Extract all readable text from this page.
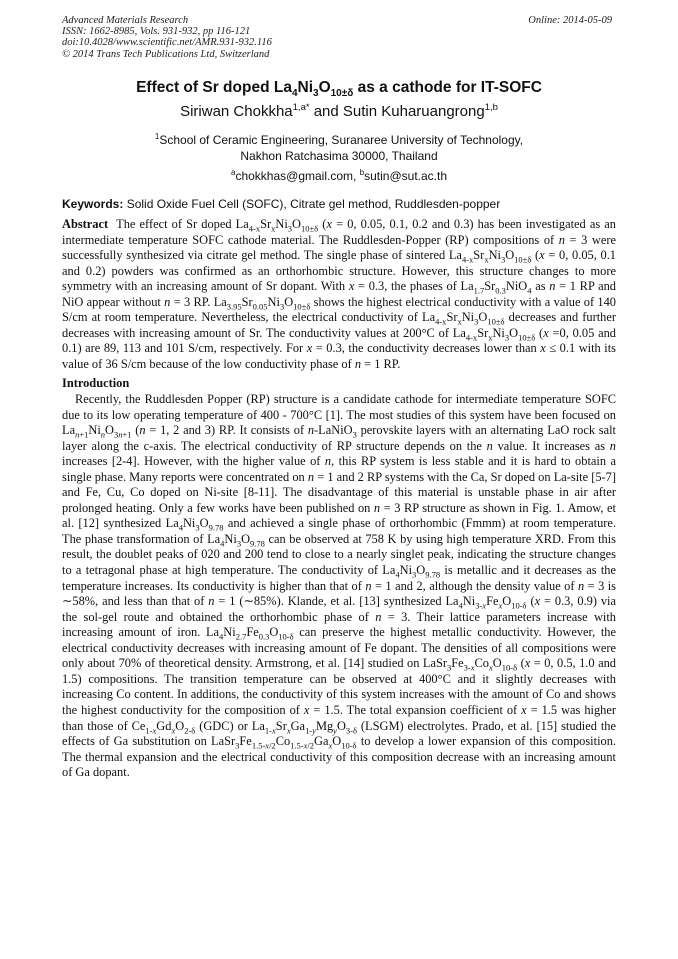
Advanced Materials Research
ISSN: 1662-8985, Vols. 931-932, pp 116-121
doi:10.4028/www.scientific.net/AMR.931-932.116
© 2014 Trans Tech Publications Ltd, Switzerland
Online: 2014-05-09
Effect of Sr doped $La_4Ni_3O_{10\pm\delta}$ as a cathode for IT-SOFC
Siriwan Chokkha$^{1,a*}$ and Sutin Kuharuangrong$^{1,b}$
$^1$School of Ceramic Engineering, Suranaree University of Technology,
Nakhon Ratchasima 30000, Thailand
$^a$chokkhas@gmail.com, $^b$sutin@sut.ac.th
Keywords: Solid Oxide Fuel Cell (SOFC), Citrate gel method, Ruddlesden-popper

Abstract  The effect of Sr doped $La_{4-x}Sr_xNi_3O_{10\pm\delta}$ (x = 0, 0.05, 0.1, 0.2 and 0.3) has been investigated as an intermediate temperature SOFC cathode material. The Ruddlesden-Popper (RP) compositions of n = 3 were successfully synthesized via citrate gel method. The single phase of sintered $La_{4-x}Sr_xNi_3O_{10\pm\delta}$ (x = 0, 0.05, 0.1 and 0.2) powders was confirmed as an orthorhombic structure. However, this structure changes to more symmetry with an increasing amount of Sr dopant. With x = 0.3, the phases of $La_{1.7}Sr_{0.3}NiO_4$ as n = 1 RP and NiO appear without n = 3 RP. $La_{3.95}Sr_{0.05}Ni_3O_{10\pm\delta}$ shows the highest electrical conductivity with a value of 140 S/cm at room temperature. Nevertheless, the electrical conductivity of $La_{4-x}Sr_xNi_3O_{10\pm\delta}$ decreases and further decreases with increasing amount of Sr. The conductivity values at 200°C of $La_{4-x}Sr_xNi_3O_{10\pm\delta}$ (x =0, 0.05 and 0.1) are 89, 113 and 101 S/cm, respectively. For x = 0.3, the conductivity decreases lower than x ≤ 0.1 with its value of 36 S/cm because of the low conductivity phase of n = 1 RP.

Introduction

Recently, the Ruddlesden Popper (RP) structure is a candidate cathode for intermediate temperature SOFC due to its low operating temperature of 400 - 700°C [1]. The most studies of this system have been focused on $La_{n+1}Ni_nO_{3n+1}$ (n = 1, 2 and 3) RP. It consists of n-LaNiO$_3$ perovskite layers with an alternating LaO rock salt layer along the c-axis. The electrical conductivity of RP structure depends on the n value. It increases as n increases [2-4]. However, with the higher value of n, this RP system is less stable and it is hard to obtain a single phase. Many reports were concentrated on n = 1 and 2 RP systems with the Ca, Sr doped on La-site [5-7] and Fe, Cu, Co doped on Ni-site [8-11]. The disadvantage of this material is unstable phase in air after prolonged heating. Only a few works have been published on n = 3 RP structure as shown in Fig. 1. Amow, et al. [12] synthesized $La_4Ni_3O_{9.78}$ and achieved a single phase of orthorhombic (Fmmm) at room temperature. The phase transformation of $La_4Ni_3O_{9.78}$ can be observed at 758 K by using high temperature XRD. From this result, the doublet peaks of 020 and 200 tend to close to a nearly singlet peak, indicating the structure changes to a tetragonal phase at high temperature. The conductivity of $La_4Ni_3O_{9.78}$ is metallic and it decreases as the temperature increases. Its conductivity is higher than that of n = 1 and 2, although the density value of n = 3 is ∼58%, and less than that of n = 1 (∼85%). Klande, et al. [13] synthesized $La_4Ni_{3-x}Fe_xO_{10-\delta}$ (x = 0.3, 0.9) via the sol-gel route and obtained the orthorhombic phase of n = 3. Their lattice parameters increase with increasing amount of iron. $La_4Ni_{2.7}Fe_{0.3}O_{10-\delta}$ can preserve the highest metallic conductivity. However, the electrical conductivity decreases with increasing amount of Fe dopant. The densities of all compositions were only about 70% of theoretical density. Armstrong, et al. [14] studied on $LaSr_3Fe_{3-x}Co_xO_{10-\delta}$ (x = 0, 0.5, 1.0 and 1.5) compositions. The transition temperature can be observed at 400°C and it slightly decreases with increasing Co content. In additions, the conductivity of this system increases with the amount of Co and shows the highest conductivity for the composition of x = 1.5. The total expansion coefficient of x = 1.5 was higher than those of $Ce_{1-x}Gd_xO_{2-\delta}$ (GDC) or $La_{1-x}Sr_xGa_{1-y}Mg_yO_{3-\delta}$ (LSGM) electrolytes. Prado, et al. [15] studied the effects of Ga substitution on $LaSr_3Fe_{1.5-x/2}Co_{1.5-x/2}Ga_xO_{10-\delta}$ to develop a lower expansion of this composition. The thermal expansion and the electrical conductivity of this composition decrease with an increasing amount of Ga dopant.
